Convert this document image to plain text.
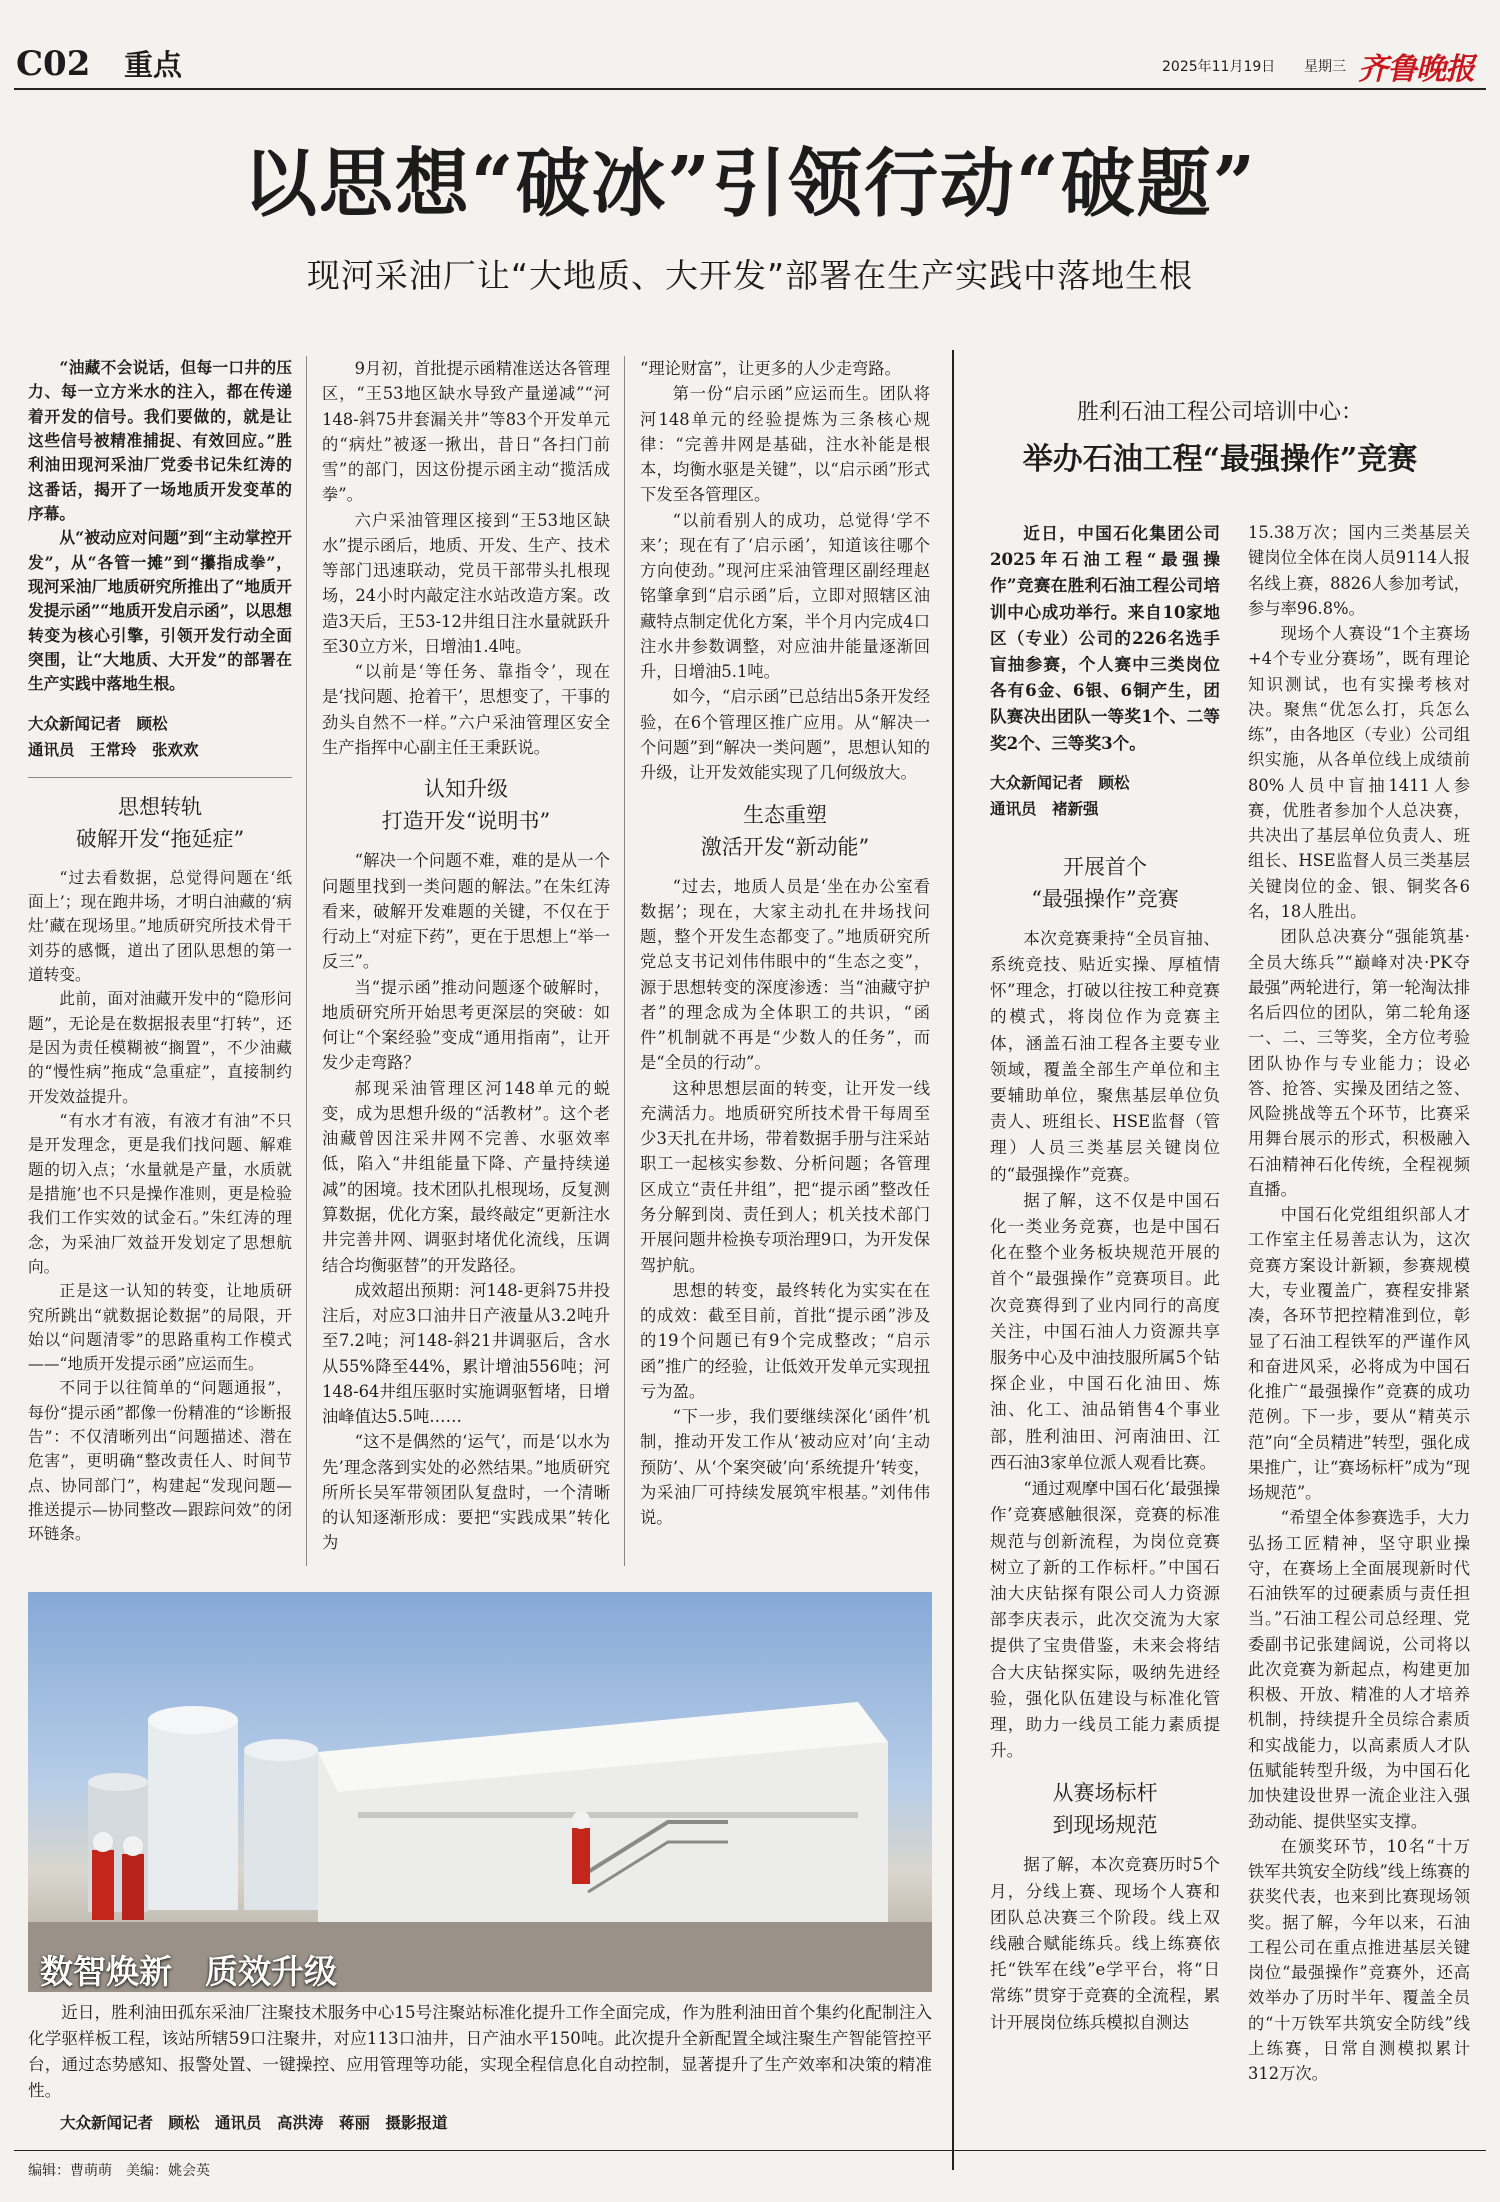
C02 重点	2025年11月19日 星期三 齐鲁晚报
以思想“破冰”引领行动“破题”
现河采油厂让“大地质、大开发”部署在生产实践中落地生根

“油藏不会说话，但每一口井的压力、每一立方米水的注入，都在传递着开发的信号。我们要做的，就是让这些信号被精准捕捉、有效回应。”胜利油田现河采油厂党委书记朱红涛的这番话，揭开了一场地质开发变革的序幕。

从“被动应对问题”到“主动掌控开发”，从“各管一摊”到“攥指成拳”，现河采油厂地质研究所推出了“地质开发提示函”“地质开发启示函”，以思想转变为核心引擎，引领开发行动全面突围，让“大地质、大开发”的部署在生产实践中落地生根。

大众新闻记者　顾松
通讯员　王常玲　张欢欢
思想转轨
破解开发“拖延症”

“过去看数据，总觉得问题在‘纸面上’；现在跑井场，才明白油藏的‘病灶’藏在现场里。”地质研究所技术骨干刘芬的感慨，道出了团队思想的第一道转变。

此前，面对油藏开发中的“隐形问题”，无论是在数据报表里“打转”，还是因为责任模糊被“搁置”，不少油藏的“慢性病”拖成“急重症”，直接制约开发效益提升。

“有水才有液，有液才有油”不只是开发理念，更是我们找问题、解难题的切入点；‘水量就是产量，水质就是措施’也不只是操作准则，更是检验我们工作实效的试金石。”朱红涛的理念，为采油厂效益开发划定了思想航向。

正是这一认知的转变，让地质研究所跳出“就数据论数据”的局限，开始以“问题清零”的思路重构工作模式——“地质开发提示函”应运而生。

不同于以往简单的“问题通报”，每份“提示函”都像一份精准的“诊断报告”：不仅清晰列出“问题描述、潜在危害”，更明确“整改责任人、时间节点、协同部门”，构建起“发现问题—推送提示—协同整改—跟踪问效”的闭环链条。

9月初，首批提示函精准送达各管理区，“王53地区缺水导致产量递减”“河148-斜75井套漏关井”等83个开发单元的“病灶”被逐一揪出，昔日“各扫门前雪”的部门，因这份提示函主动“揽活成拳”。

六户采油管理区接到“王53地区缺水”提示函后，地质、开发、生产、技术等部门迅速联动，党员干部带头扎根现场，24小时内敲定注水站改造方案。改造3天后，王53-12井组日注水量就跃升至30立方米，日增油1.4吨。

“以前是‘等任务、靠指令’，现在是‘找问题、抢着干’，思想变了，干事的劲头自然不一样。”六户采油管理区安全生产指挥中心副主任王秉跃说。

认知升级
打造开发“说明书”

“解决一个问题不难，难的是从一个问题里找到一类问题的解法。”在朱红涛看来，破解开发难题的关键，不仅在于行动上“对症下药”，更在于思想上“举一反三”。

当“提示函”推动问题逐个破解时，地质研究所开始思考更深层的突破：如何让“个案经验”变成“通用指南”，让开发少走弯路？

郝现采油管理区河148单元的蜕变，成为思想升级的“活教材”。这个老油藏曾因注采井网不完善、水驱效率低，陷入“井组能量下降、产量持续递减”的困境。技术团队扎根现场，反复测算数据，优化方案，最终敲定“更新注水井完善井网、调驱封堵优化流线，压调结合均衡驱替”的开发路径。

成效超出预期：河148-更斜75井投注后，对应3口油井日产液量从3.2吨升至7.2吨；河148-斜21井调驱后，含水从55%降至44%，累计增油556吨；河148-64井组压驱时实施调驱暂堵，日增油峰值达5.5吨……

“这不是偶然的‘运气’，而是‘以水为先’理念落到实处的必然结果。”地质研究所所长吴军带领团队复盘时，一个清晰的认知逐渐形成：要把“实践成果”转化为

“理论财富”，让更多的人少走弯路。

第一份“启示函”应运而生。团队将河148单元的经验提炼为三条核心规律：“完善井网是基础，注水补能是根本，均衡水驱是关键”，以“启示函”形式下发至各管理区。

“以前看别人的成功，总觉得‘学不来’；现在有了‘启示函’，知道该往哪个方向使劲。”现河庄采油管理区副经理赵铭肇拿到“启示函”后，立即对照辖区油藏特点制定优化方案，半个月内完成4口注水井参数调整，对应油井能量逐渐回升，日增油5.1吨。

如今，“启示函”已总结出5条开发经验，在6个管理区推广应用。从“解决一个问题”到“解决一类问题”，思想认知的升级，让开发效能实现了几何级放大。

生态重塑
激活开发“新动能”

“过去，地质人员是‘坐在办公室看数据’；现在，大家主动扎在井场找问题，整个开发生态都变了。”地质研究所党总支书记刘伟伟眼中的“生态之变”，源于思想转变的深度渗透：当“油藏守护者”的理念成为全体职工的共识，“函件”机制就不再是“少数人的任务”，而是“全员的行动”。

这种思想层面的转变，让开发一线充满活力。地质研究所技术骨干每周至少3天扎在井场，带着数据手册与注采站职工一起核实参数、分析问题；各管理区成立“责任井组”，把“提示函”整改任务分解到岗、责任到人；机关技术部门开展问题井检换专项治理9口，为开发保驾护航。

思想的转变，最终转化为实实在在的成效：截至目前，首批“提示函”涉及的19个问题已有9个完成整改；“启示函”推广的经验，让低效开发单元实现扭亏为盈。

“下一步，我们要继续深化‘函件’机制，推动开发工作从‘被动应对’向‘主动预防’、从‘个案突破’向‘系统提升’转变，为采油厂可持续发展筑牢根基。”刘伟伟说。

数智焕新　质效升级
近日，胜利油田孤东采油厂注聚技术服务中心15号注聚站标准化提升工作全面完成，作为胜利油田首个集约化配制注入化学驱样板工程，该站所辖59口注聚井，对应113口油井，日产油水平150吨。此次提升全新配置全域注聚生产智能管控平台，通过态势感知、报警处置、一键操控、应用管理等功能，实现全程信息化自动控制，显著提升了生产效率和决策的精准性。
大众新闻记者　顾松　通讯员　高洪涛　蒋丽　摄影报道
胜利石油工程公司培训中心：
举办石油工程“最强操作”竞赛

近日，中国石化集团公司2025年石油工程“最强操作”竞赛在胜利石油工程公司培训中心成功举行。来自10家地区（专业）公司的226名选手盲抽参赛，个人赛中三类岗位各有6金、6银、6铜产生，团队赛决出团队一等奖1个、二等奖2个、三等奖3个。

大众新闻记者　顾松
通讯员　褚新强
开展首个
“最强操作”竞赛

本次竞赛秉持“全员盲抽、系统竞技、贴近实操、厚植情怀”理念，打破以往按工种竞赛的模式，将岗位作为竞赛主体，涵盖石油工程各主要专业领域，覆盖全部生产单位和主要辅助单位，聚焦基层单位负责人、班组长、HSE监督（管理）人员三类基层关键岗位的“最强操作”竞赛。

据了解，这不仅是中国石化一类业务竞赛，也是中国石化在整个业务板块规范开展的首个“最强操作”竞赛项目。此次竞赛得到了业内同行的高度关注，中国石油人力资源共享服务中心及中油技服所属5个钻探企业，中国石化油田、炼油、化工、油品销售4个事业部，胜利油田、河南油田、江西石油3家单位派人观看比赛。

“通过观摩中国石化‘最强操作’竞赛感触很深，竞赛的标准规范与创新流程，为岗位竞赛树立了新的工作标杆。”中国石油大庆钻探有限公司人力资源部李庆表示，此次交流为大家提供了宝贵借鉴，未来会将结合大庆钻探实际，吸纳先进经验，强化队伍建设与标准化管理，助力一线员工能力素质提升。

从赛场标杆
到现场规范

据了解，本次竞赛历时5个月，分线上赛、现场个人赛和团队总决赛三个阶段。线上双线融合赋能练兵。线上练赛依托“铁军在线”e学平台，将“日常练”贯穿于竞赛的全流程，累计开展岗位练兵模拟自测达

15.38万次；国内三类基层关键岗位全体在岗人员9114人报名线上赛，8826人参加考试，参与率96.8%。

现场个人赛设“1个主赛场+4个专业分赛场”，既有理论知识测试，也有实操考核对决。聚焦“优怎么打，兵怎么练”，由各地区（专业）公司组织实施，从各单位线上成绩前80%人员中盲抽1411人参赛，优胜者参加个人总决赛，共决出了基层单位负责人、班组长、HSE监督人员三类基层关键岗位的金、银、铜奖各6名，18人胜出。

团队总决赛分“强能筑基·全员大练兵”“巅峰对决·PK夺最强”两轮进行，第一轮淘汰排名后四位的团队，第二轮角逐一、二、三等奖，全方位考验团队协作与专业能力；设必答、抢答、实操及团结之签、风险挑战等五个环节，比赛采用舞台展示的形式，积极融入石油精神石化传统，全程视频直播。

中国石化党组组织部人才工作室主任易善志认为，这次竞赛方案设计新颖，参赛规模大，专业覆盖广，赛程安排紧凑，各环节把控精准到位，彰显了石油工程铁军的严谨作风和奋进风采，必将成为中国石化推广“最强操作”竞赛的成功范例。下一步，要从“精英示范”向“全员精进”转型，强化成果推广，让“赛场标杆”成为“现场规范”。

“希望全体参赛选手，大力弘扬工匠精神，坚守职业操守，在赛场上全面展现新时代石油铁军的过硬素质与责任担当。”石油工程公司总经理、党委副书记张建阔说，公司将以此次竞赛为新起点，构建更加积极、开放、精准的人才培养机制，持续提升全员综合素质和实战能力，以高素质人才队伍赋能转型升级，为中国石化加快建设世界一流企业注入强劲动能、提供坚实支撑。

在颁奖环节，10名“十万铁军共筑安全防线”线上练赛的获奖代表，也来到比赛现场领奖。据了解，今年以来，石油工程公司在重点推进基层关键岗位“最强操作”竞赛外，还高效举办了历时半年、覆盖全员的“十万铁军共筑安全防线”线上练赛，日常自测模拟累计312万次。

编辑：曹萌萌　美编：姚会英
